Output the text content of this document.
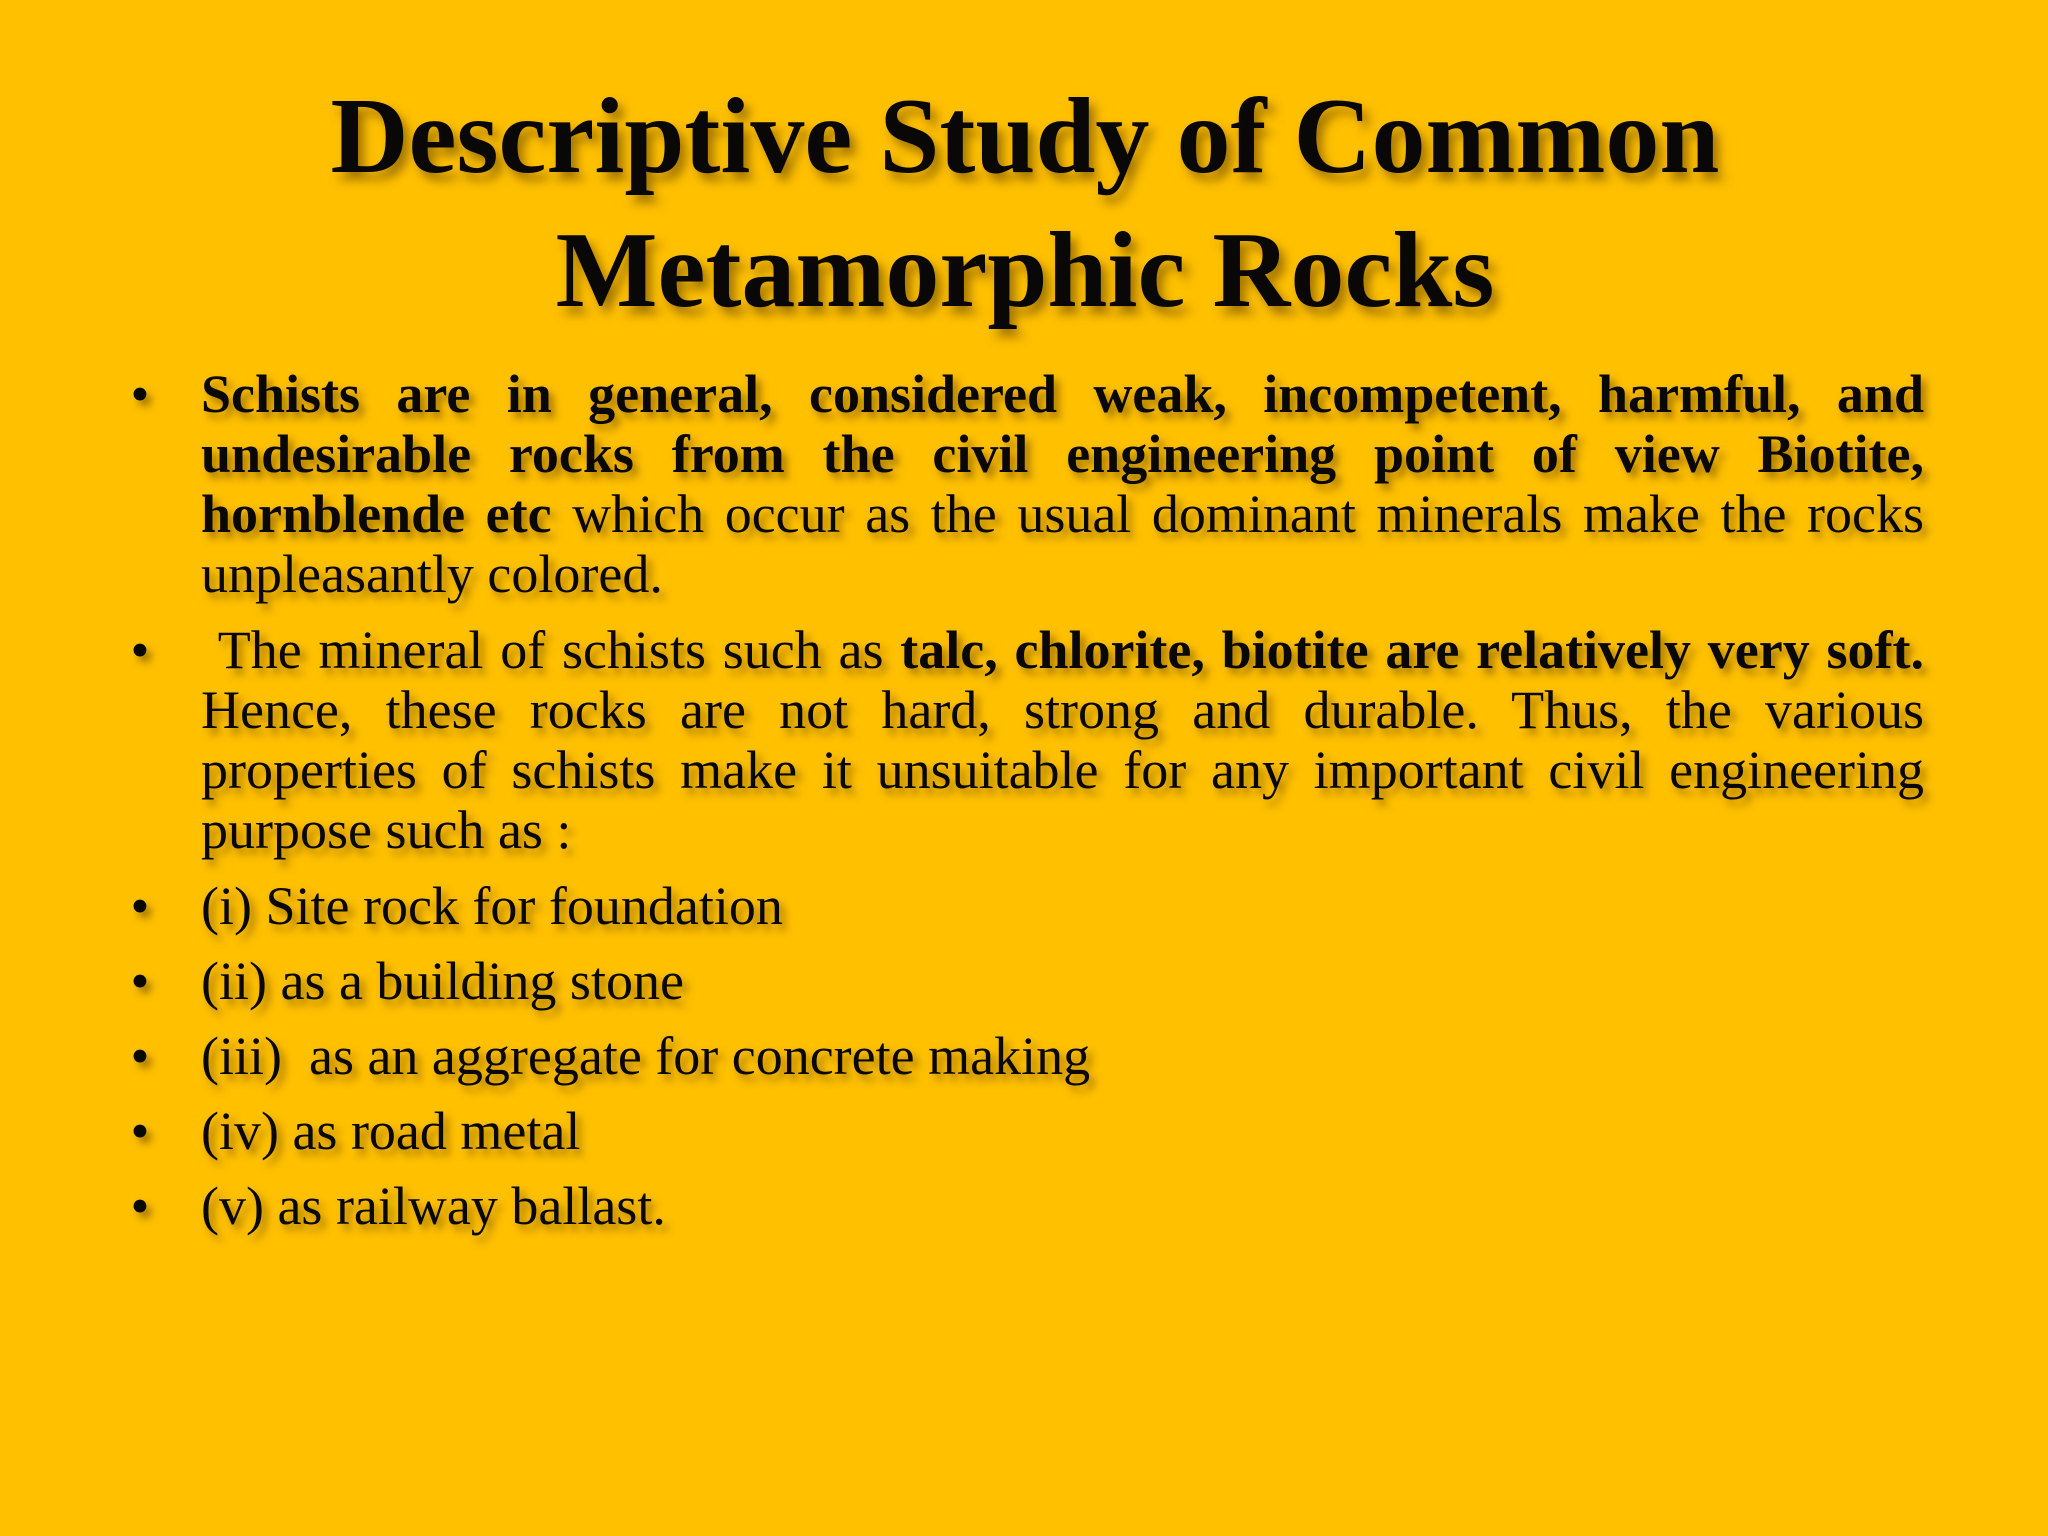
Descriptive Study of Common
Metamorphic Rocks
• Schists are in general, considered weak, incompetent, harmful, and undesirable rocks from the civil engineering point of view Biotite, hornblende etc which occur as the usual dominant minerals make the rocks unpleasantly colored.
• The mineral of schists such as talc, chlorite, biotite are relatively very soft. Hence, these rocks are not hard, strong and durable. Thus, the various properties of schists make it unsuitable for any important civil engineering purpose such as :
• (i) Site rock for foundation
• (ii) as a building stone
• (iii)  as an aggregate for concrete making
• (iv) as road metal
• (v) as railway ballast.
